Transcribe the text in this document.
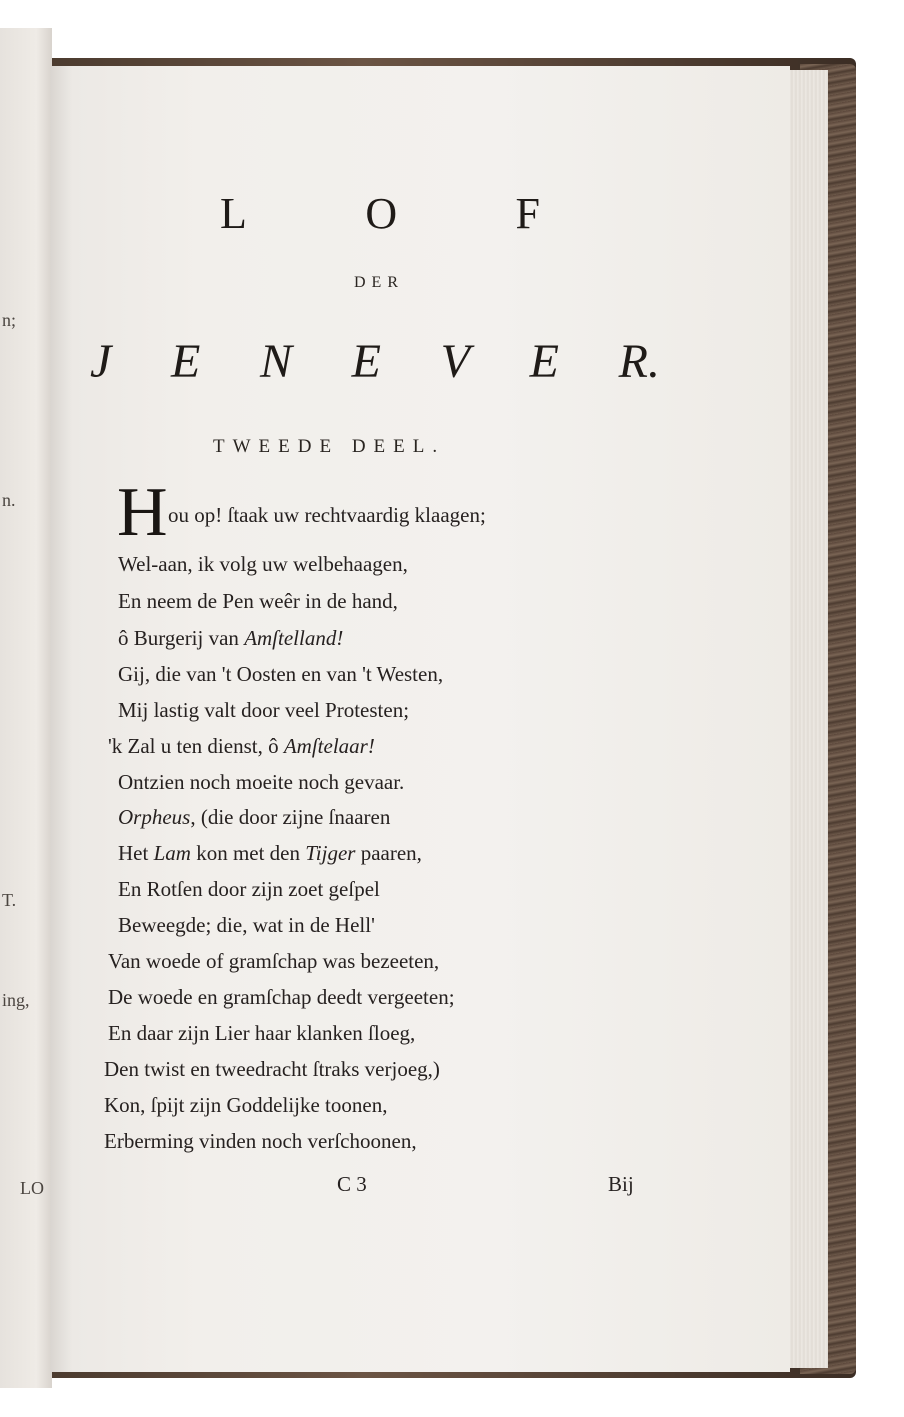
n;
n.
T.
ing,
LO
L	O	F
DER
J E N E V E R.
TWEEDE DEEL.
H ou op! ſtaak uw rechtvaardig klaagen;
Wel-aan, ik volg uw welbehaagen,
En neem de Pen weêr in de hand,
ô Burgerij van Amſtelland!
Gij, die van 't Oosten en van 't Westen,
Mij lastig valt door veel Protesten;
'k Zal u ten dienst, ô Amſtelaar!
Ontzien noch moeite noch gevaar.
Orpheus, (die door zijne ſnaaren
Het Lam kon met den Tijger paaren,
En Rotſen door zijn zoet geſpel
Beweegde; die, wat in de Hell'
Van woede of gramſchap was bezeeten,
De woede en gramſchap deedt vergeeten;
En daar zijn Lier haar klanken ſloeg,
Den twist en tweedracht ſtraks verjoeg,)
Kon, ſpijt zijn Goddelijke toonen,
Erberming vinden noch verſchoonen,
C 3	Bij
